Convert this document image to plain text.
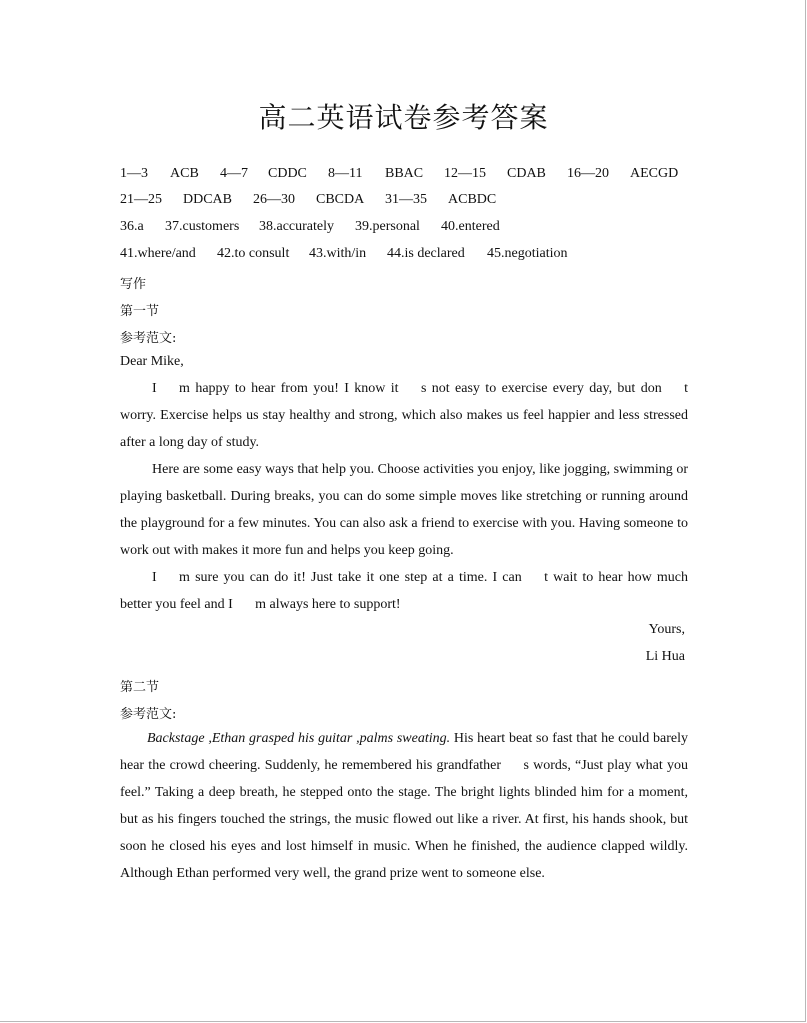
高二英语试卷参考答案
1—3 ACB 4—7 CDDC 8—11 BBAC 12—15 CDAB 16—20 AECGD
21—25 DDCAB 26—30 CBCDA 31—35 ACBDC
36.a 37.customers 38.accurately 39.personal 40.entered
41.where/and 42.to consult 43.with/in 44.is declared 45.negotiation
写作
第一节
参考范文:
Dear Mike,
Im happy to hear from you! I know its not easy to exercise every day, but dont worry. Exercise helps us stay healthy and strong, which also makes us feel happier and less stressed after a long day of study.
Here are some easy ways that help you. Choose activities you enjoy, like jogging, swimming or playing basketball. During breaks, you can do some simple moves like stretching or running around the playground for a few minutes. You can also ask a friend to exercise with you. Having someone to work out with makes it more fun and helps you keep going.
Im sure you can do it! Just take it one step at a time. I cant wait to hear how much better you feel and Im always here to support!
Yours,
Li Hua
第二节
参考范文:
Backstage ,Ethan grasped his guitar ,palms sweating. His heart beat so fast that he could barely hear the crowd cheering. Suddenly, he remembered his grandfathers words, “Just play what you feel.” Taking a deep breath, he stepped onto the stage. The bright lights blinded him for a moment, but as his fingers touched the strings, the music flowed out like a river. At first, his hands shook, but soon he closed his eyes and lost himself in music. When he finished, the audience clapped wildly. Although Ethan performed very well, the grand prize went to someone else.
